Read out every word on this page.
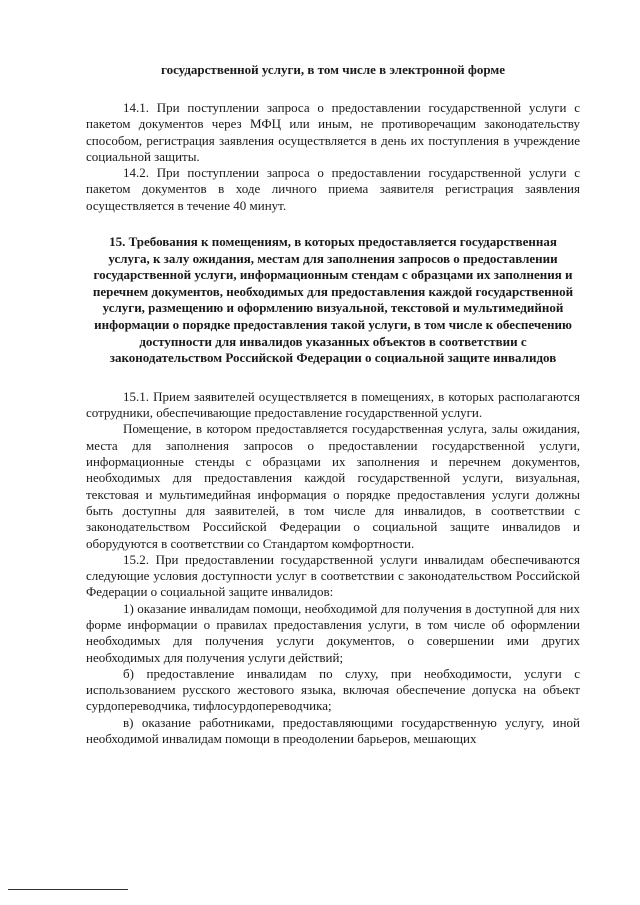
государственной услуги, в том числе в электронной форме

14.1. При поступлении запроса о предоставлении государственной услуги с пакетом документов через МФЦ или иным, не противоречащим законодательству способом, регистрация заявления осуществляется в день их поступления в учреждение социальной защиты.

14.2. При поступлении запроса о предоставлении государственной услуги с пакетом документов в ходе личного приема заявителя регистрация заявления осуществляется в течение 40 минут.

15. Требования к помещениям, в которых предоставляется государственная услуга, к залу ожидания, местам для заполнения запросов о предоставлении государственной услуги, информационным стендам с образцами их заполнения и перечнем документов, необходимых для предоставления каждой государственной услуги, размещению и оформлению визуальной, текстовой и мультимедийной информации о порядке предоставления такой услуги, в том числе к обеспечению доступности для инвалидов указанных объектов в соответствии с законодательством Российской Федерации о социальной защите инвалидов

15.1. Прием заявителей осуществляется в помещениях, в которых располагаются сотрудники, обеспечивающие предоставление государственной услуги.

Помещение, в котором предоставляется государственная услуга, залы ожидания, места для заполнения запросов о предоставлении государственной услуги, информационные стенды с образцами их заполнения и перечнем документов, необходимых для предоставления каждой государственной услуги, визуальная, текстовая и мультимедийная информация о порядке предоставления услуги должны быть доступны для заявителей, в том числе для инвалидов, в соответствии с законодательством Российской Федерации о социальной защите инвалидов и оборудуются в соответствии со Стандартом комфортности.

15.2. При предоставлении государственной услуги инвалидам обеспечиваются следующие условия доступности услуг в соответствии с законодательством Российской Федерации о социальной защите инвалидов:

1) оказание инвалидам помощи, необходимой для получения в доступной для них форме информации о правилах предоставления услуги, в том числе об оформлении необходимых для получения услуги документов, о совершении ими других необходимых для получения услуги действий;

б) предоставление инвалидам по слуху, при необходимости, услуги с использованием русского жестового языка, включая обеспечение допуска на объект сурдопереводчика, тифлосурдопереводчика;

в) оказание работниками, предоставляющими государственную услугу, иной необходимой инвалидам помощи в преодолении барьеров, мешающих
